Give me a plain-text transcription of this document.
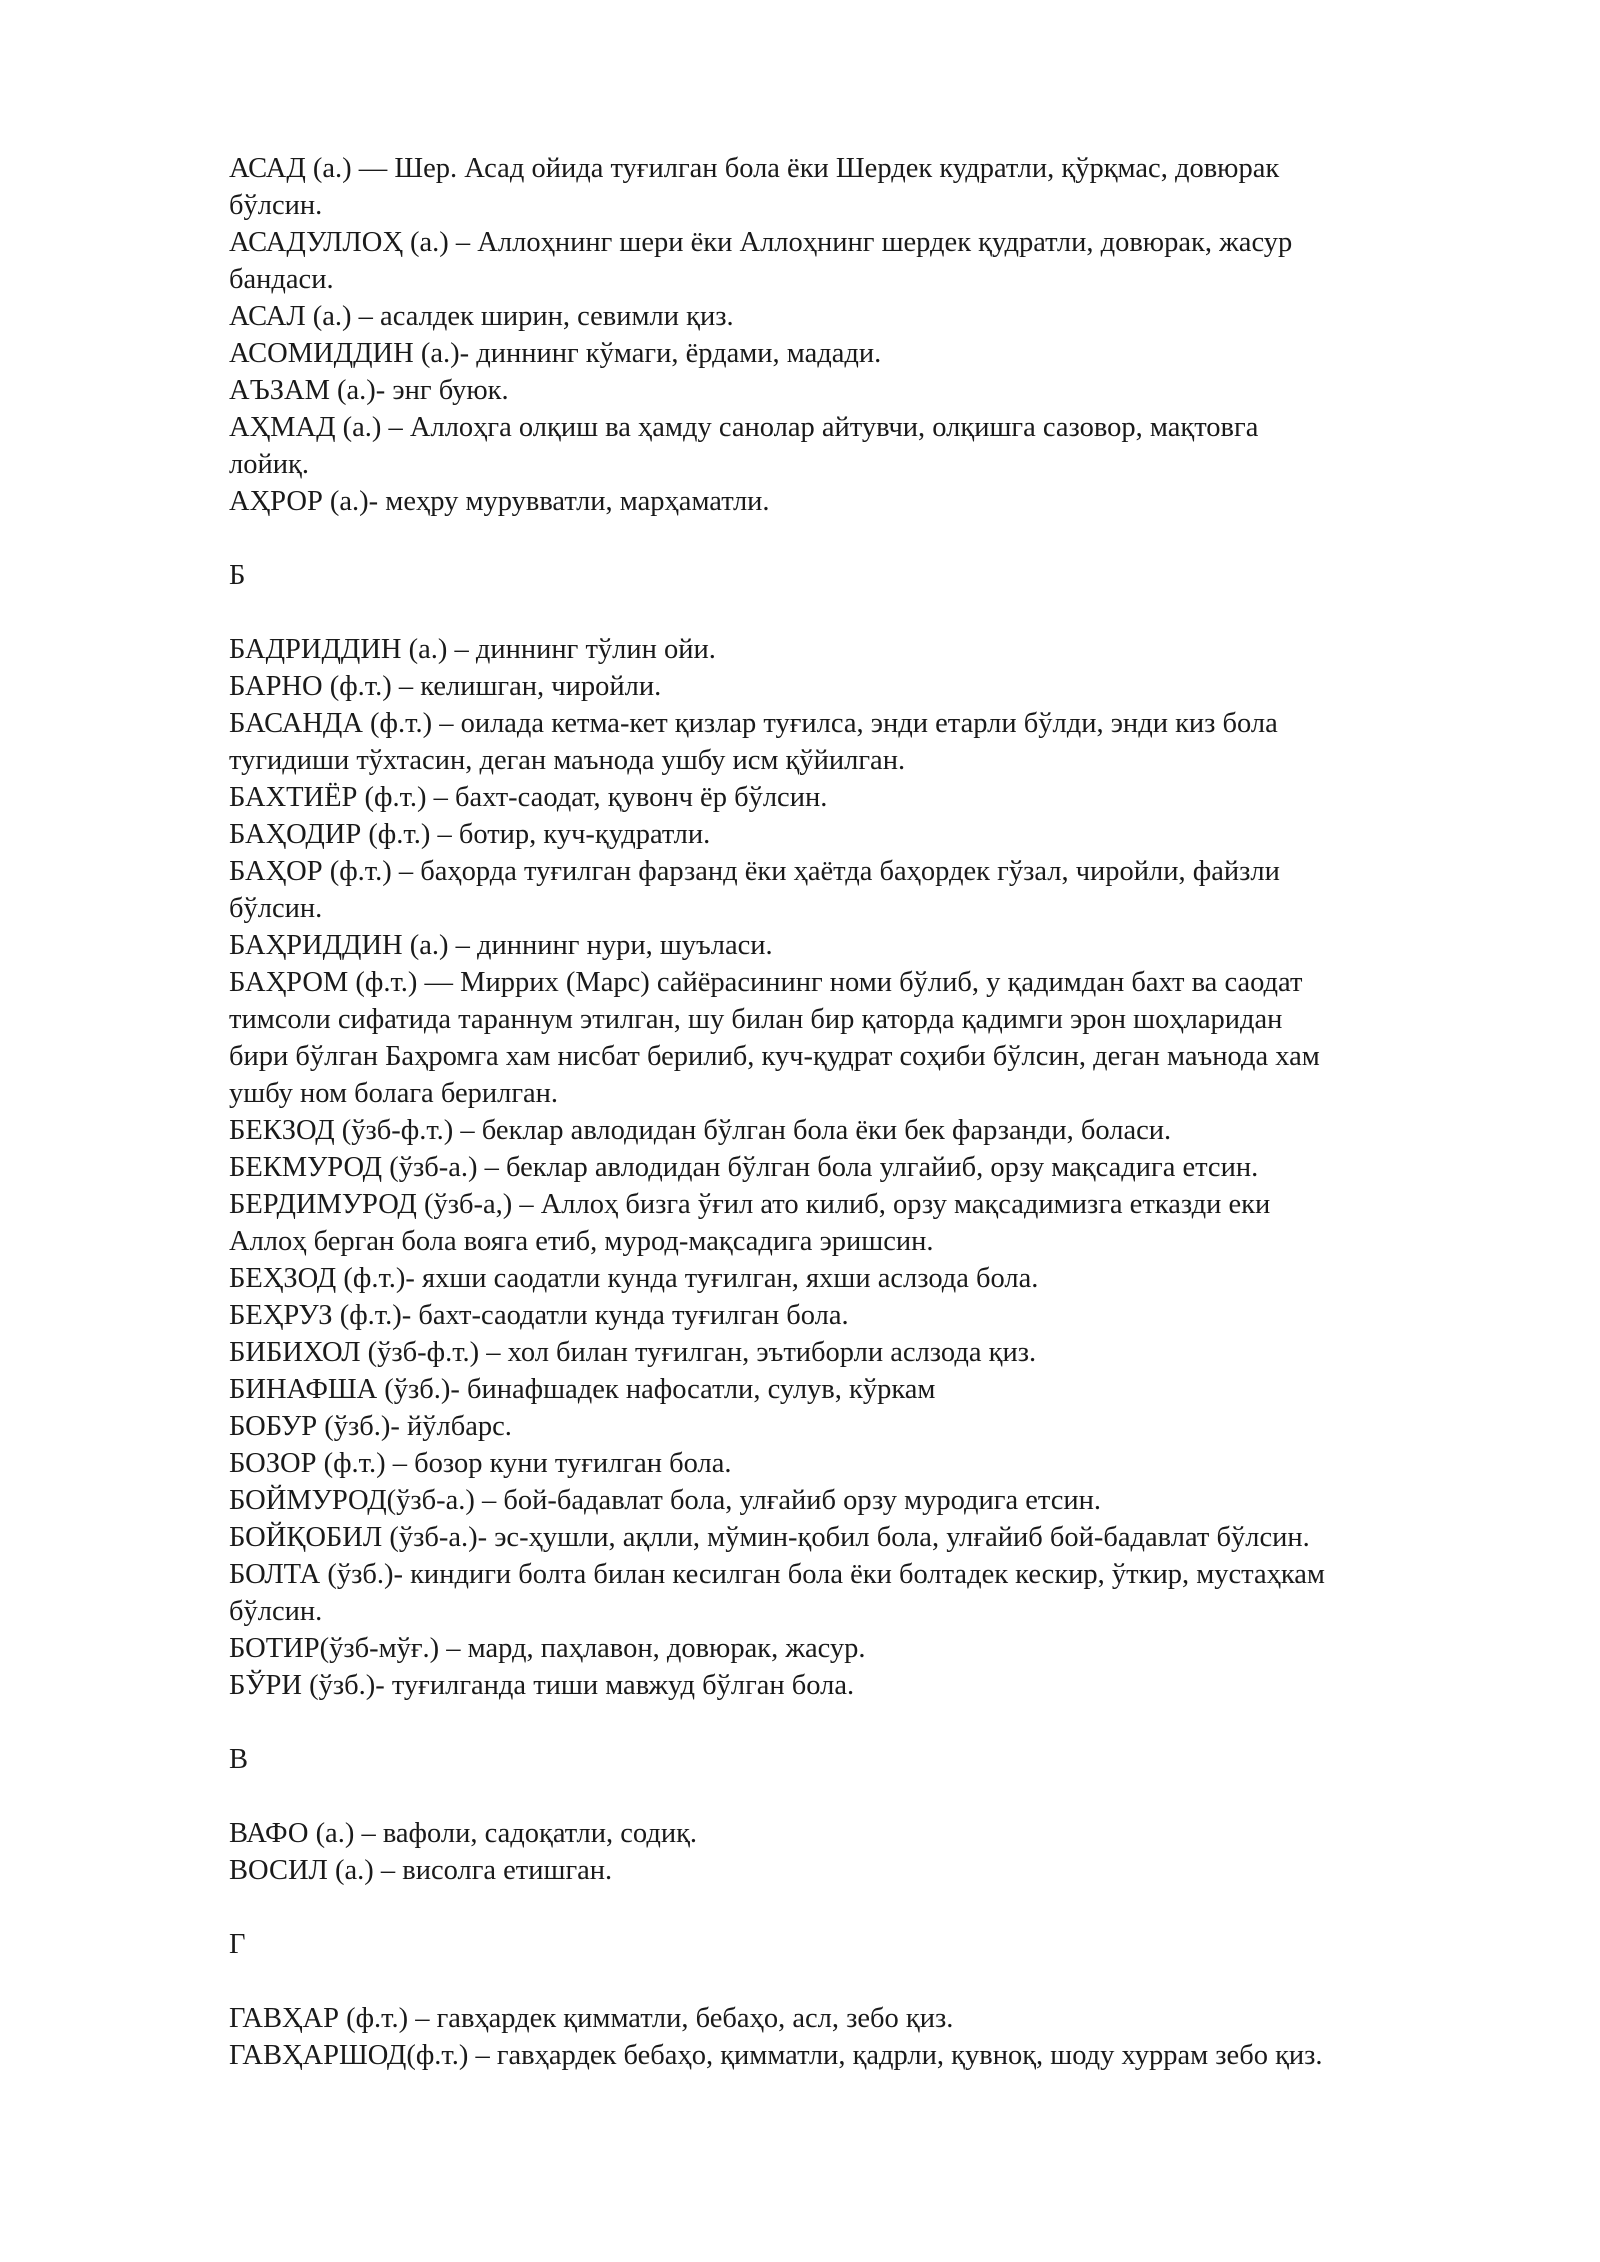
АСАД (а.) — Шер. Асад ойида туғилган бола ёки Шердек кудратли, қўрқмас, довюрак
бўлсин.
АСАДУЛЛОҲ (а.) – Аллоҳнинг шери ёки Аллоҳнинг шердек қудратли, довюрак, жасур
бандаси.
АСАЛ (а.) – асалдек ширин, севимли қиз.
АСОМИДДИН (а.)- диннинг кўмаги, ёрдами, мадади.
АЪЗАМ (а.)- энг буюк.
АҲМАД (а.) – Аллоҳга олқиш ва ҳамду санолар айтувчи, олқишга сазовор, мақтовга
лойиқ.
АҲРОР (а.)- меҳру мурувватли, марҳаматли.
Б
БАДРИДДИН (а.) – диннинг тўлин ойи.
БАРНО (ф.т.) – келишган, чиройли.
БАСАНДА (ф.т.) – оилада кетма-кет қизлар туғилса, энди етарли бўлди, энди киз бола
тугидиши тўхтасин, деган маънода ушбу исм қўйилган.
БАХТИЁР (ф.т.) – бахт-саодат, қувонч ёр бўлсин.
БАҲОДИР (ф.т.) – ботир, куч-қудратли.
БАҲОР (ф.т.) – баҳорда туғилган фарзанд ёки ҳаётда баҳордек гўзал, чиройли, файзли
бўлсин.
БАҲРИДДИН (а.) – диннинг нури, шуъласи.
БАҲРОМ (ф.т.) — Миррих (Марс) сайёрасининг номи бўлиб, у қадимдан бахт ва саодат
тимсоли сифатида тараннум этилган, шу билан бир қаторда қадимги эрон шоҳларидан
бири бўлган Баҳромга хам нисбат берилиб, куч-қудрат соҳиби бўлсин, деган маънода хам
ушбу ном болага берилган.
БЕКЗОД (ўзб-ф.т.) – беклар авлодидан бўлган бола ёки бек фарзанди, боласи.
БЕКМУРОД (ўзб-а.) – беклар авлодидан бўлган бола улгайиб, орзу мақсадига етсин.
БЕРДИМУРОД (ўзб-а,) – Аллоҳ бизга ўғил ато килиб, орзу мақсадимизга етказди еки
Аллоҳ берган бола вояга етиб, мурод-мақсадига эришсин.
БЕҲЗОД (ф.т.)- яхши саодатли кунда туғилган, яхши аслзода бола.
БЕҲРУЗ (ф.т.)- бахт-саодатли кунда туғилган бола.
БИБИХОЛ (ўзб-ф.т.) – хол билан туғилган, эътиборли аслзода қиз.
БИНАФША (ўзб.)- бинафшадек нафосатли, сулув, кўркам
БОБУР (ўзб.)- йўлбарс.
БОЗОР (ф.т.) – бозор куни туғилган бола.
БОЙМУРОД(ўзб-а.) – бой-бадавлат бола, улғайиб орзу муродига етсин.
БОЙҚОБИЛ (ўзб-а.)- эс-ҳушли, ақлли, мўмин-қобил бола, улғайиб бой-бадавлат бўлсин.
БОЛТА (ўзб.)- киндиги болта билан кесилган бола ёки болтадек кескир, ўткир, мустаҳкам
бўлсин.
БОТИР(ўзб-мўғ.) – мард, паҳлавон, довюрак, жасур.
БЎРИ (ўзб.)- туғилганда тиши мавжуд бўлган бола.
В
ВАФО (а.) – вафоли, садоқатли, содиқ.
ВОСИЛ (а.) – висолга етишган.
Г
ГАВҲАР (ф.т.) – гавҳардек қимматли, бебаҳо, асл, зебо қиз.
ГАВҲАРШОД(ф.т.) – гавҳардек бебаҳо, қимматли, қадрли, қувноқ, шоду хуррам зебо қиз.
